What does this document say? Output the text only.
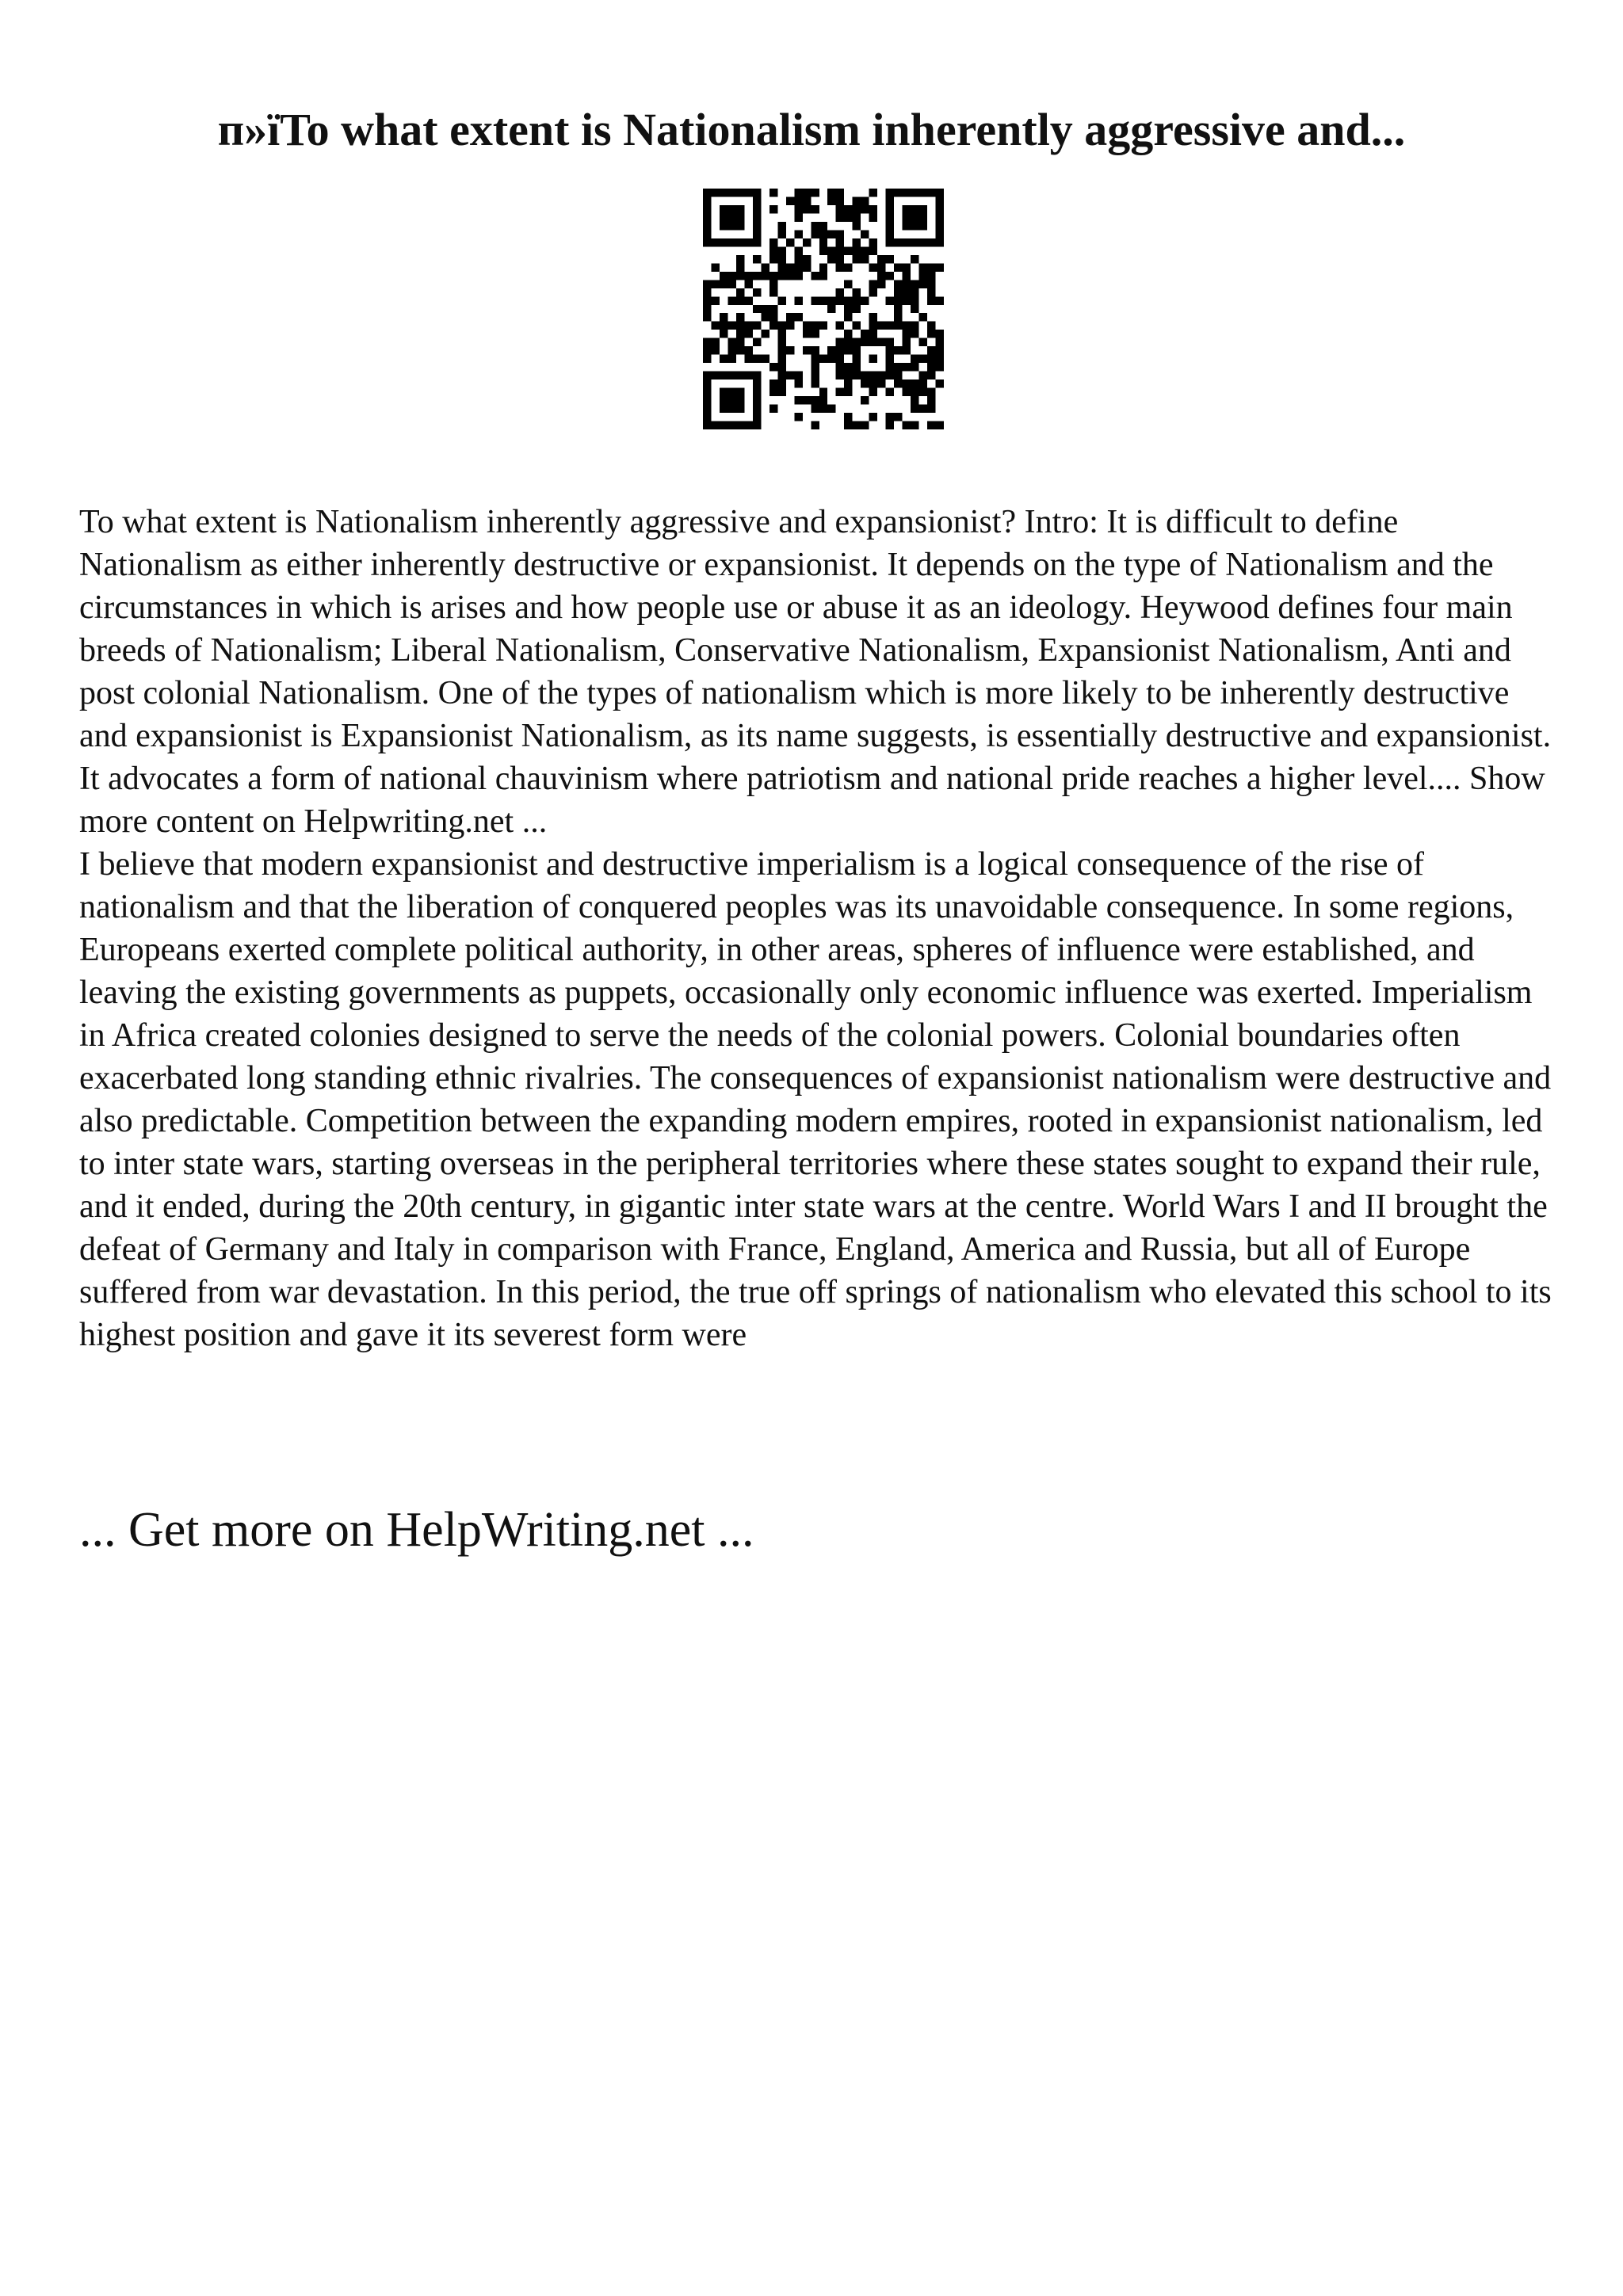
п»їTo what extent is Nationalism inherently aggressive and...

To what extent is Nationalism inherently aggressive and expansionist? Intro: It is difficult to define Nationalism as either inherently destructive or expansionist. It depends on the type of Nationalism and the circumstances in which is arises and how people use or abuse it as an ideology. Heywood defines four main breeds of Nationalism; Liberal Nationalism, Conservative Nationalism, Expansionist Nationalism, Anti and post colonial Nationalism. One of the types of nationalism which is more likely to be inherently destructive and expansionist is Expansionist Nationalism, as its name suggests, is essentially destructive and expansionist. It advocates a form of national chauvinism where patriotism and national pride reaches a higher level.... Show more content on Helpwriting.net ...

I believe that modern expansionist and destructive imperialism is a logical consequence of the rise of nationalism and that the liberation of conquered peoples was its unavoidable consequence. In some regions, Europeans exerted complete political authority, in other areas, spheres of influence were established, and leaving the existing governments as puppets, occasionally only economic influence was exerted. Imperialism in Africa created colonies designed to serve the needs of the colonial powers. Colonial boundaries often exacerbated long standing ethnic rivalries. The consequences of expansionist nationalism were destructive and also predictable. Competition between the expanding modern empires, rooted in expansionist nationalism, led to inter state wars, starting overseas in the peripheral territories where these states sought to expand their rule, and it ended, during the 20th century, in gigantic inter state wars at the centre. World Wars I and II brought the defeat of Germany and Italy in comparison with France, England, America and Russia, but all of Europe suffered from war devastation. In this period, the true off springs of nationalism who elevated this school to its highest position and gave it its severest form were

... Get more on HelpWriting.net ...
